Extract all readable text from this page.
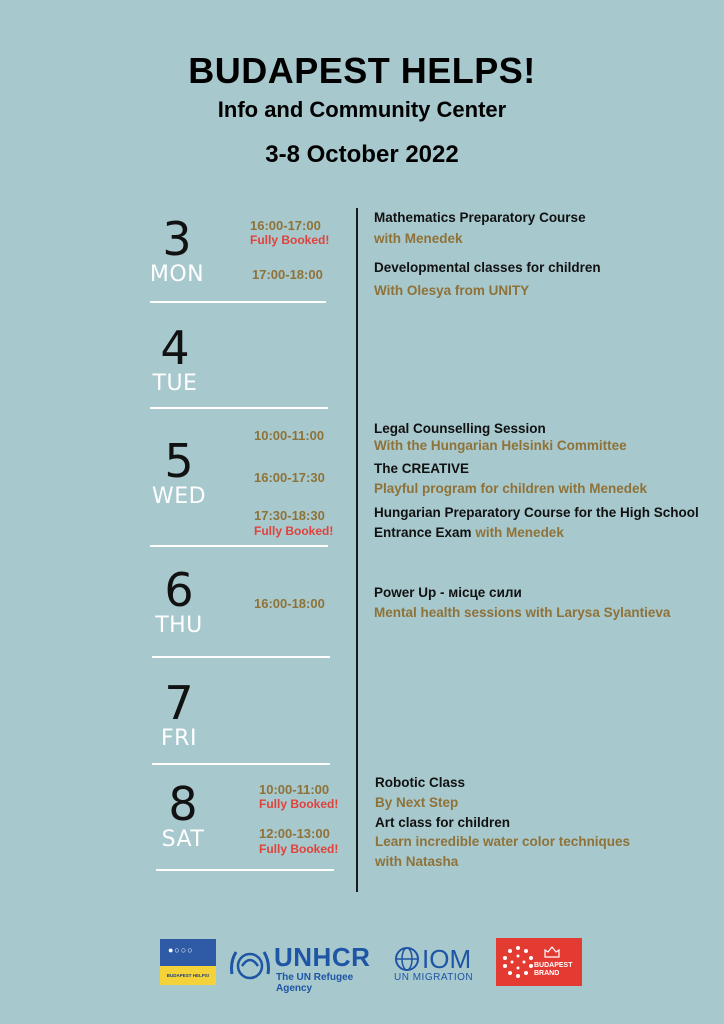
BUDAPEST HELPS!
Info and Community Center
3-8 October 2022
3
MON
4
TUE
5
WED
6
THU
7
FRI
8
SAT
16:00-17:00
Fully Booked!
Mathematics Preparatory Course
with Menedek
17:00-18:00	Developmental classes for children
With Olesya from UNITY
10:00-11:00	Legal Counselling Session
With the Hungarian Helsinki Committee
16:00-17:30
The CREATIVE
Playful program for children with Menedek
17:30-18:30
Fully Booked!
Hungarian Preparatory Course for the High School
Entrance Exam with Menedek
16:00-18:00
Power Up - місце сили
Mental health sessions with Larysa Sylantieva
10:00-11:00
Fully Booked!
Robotic Class
By Next Step
12:00-13:00
Fully Booked!
Art class for children
Learn incredible water color techniques
with Natasha
●○○○
BUDAPEST HELPS!
UNHCR
The UN Refugee Agency
IOM
UN MIGRATION
BUDAPEST
BRAND
